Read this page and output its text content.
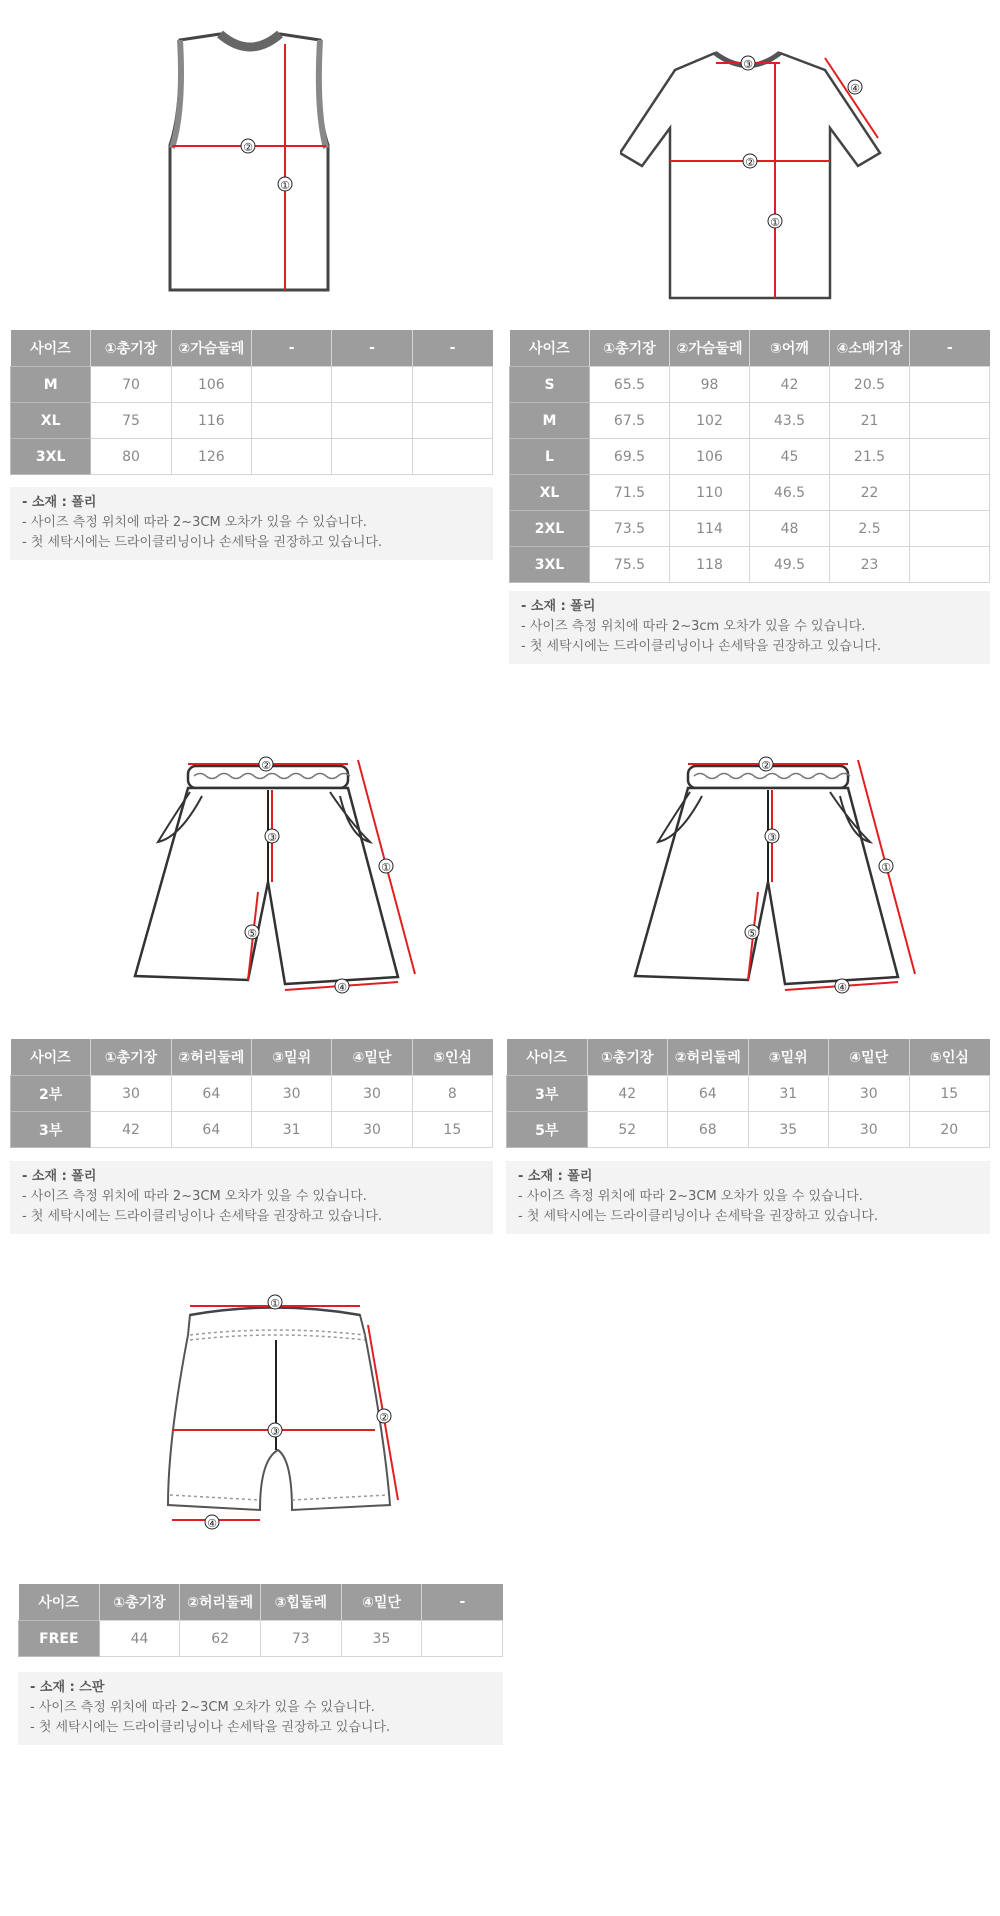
①
②
③
④
②
①
사이즈	①총기장	②가슴둘레	-	-	-
M	70	106			
XL	75	116			
3XL	80	126			
- 소재 : 폴리
- 사이즈 측정 위치에 따라 2~3CM 오차가 있을 수 있습니다.
- 첫 세탁시에는 드라이클리닝이나 손세탁을 권장하고 있습니다.
사이즈	①총기장	②가슴둘레	③어깨	④소매기장	-
S	65.5	98	42	20.5	
M	67.5	102	43.5	21	
L	69.5	106	45	21.5	
XL	71.5	110	46.5	22	
2XL	73.5	114	48	2.5	
3XL	75.5	118	49.5	23	
- 소재 : 폴리
- 사이즈 측정 위치에 따라 2~3cm 오차가 있을 수 있습니다.
- 첫 세탁시에는 드라이클리닝이나 손세탁을 권장하고 있습니다.
②
③
①
⑤
④
②
③
①
⑤
④
사이즈	①총기장	②허리둘레	③밑위	④밑단	⑤인심
2부	30	64	30	30	8
3부	42	64	31	30	15
- 소재 : 폴리
- 사이즈 측정 위치에 따라 2~3CM 오차가 있을 수 있습니다.
- 첫 세탁시에는 드라이클리닝이나 손세탁을 권장하고 있습니다.
사이즈	①총기장	②허리둘레	③밑위	④밑단	⑤인심
3부	42	64	31	30	15
5부	52	68	35	30	20
- 소재 : 폴리
- 사이즈 측정 위치에 따라 2~3CM 오차가 있을 수 있습니다.
- 첫 세탁시에는 드라이클리닝이나 손세탁을 권장하고 있습니다.
①
②
③
④
사이즈	①총기장	②허리둘레	③힙둘레	④밑단	-
FREE	44	62	73	35	
- 소재 : 스판
- 사이즈 측정 위치에 따라 2~3CM 오차가 있을 수 있습니다.
- 첫 세탁시에는 드라이클리닝이나 손세탁을 권장하고 있습니다.
